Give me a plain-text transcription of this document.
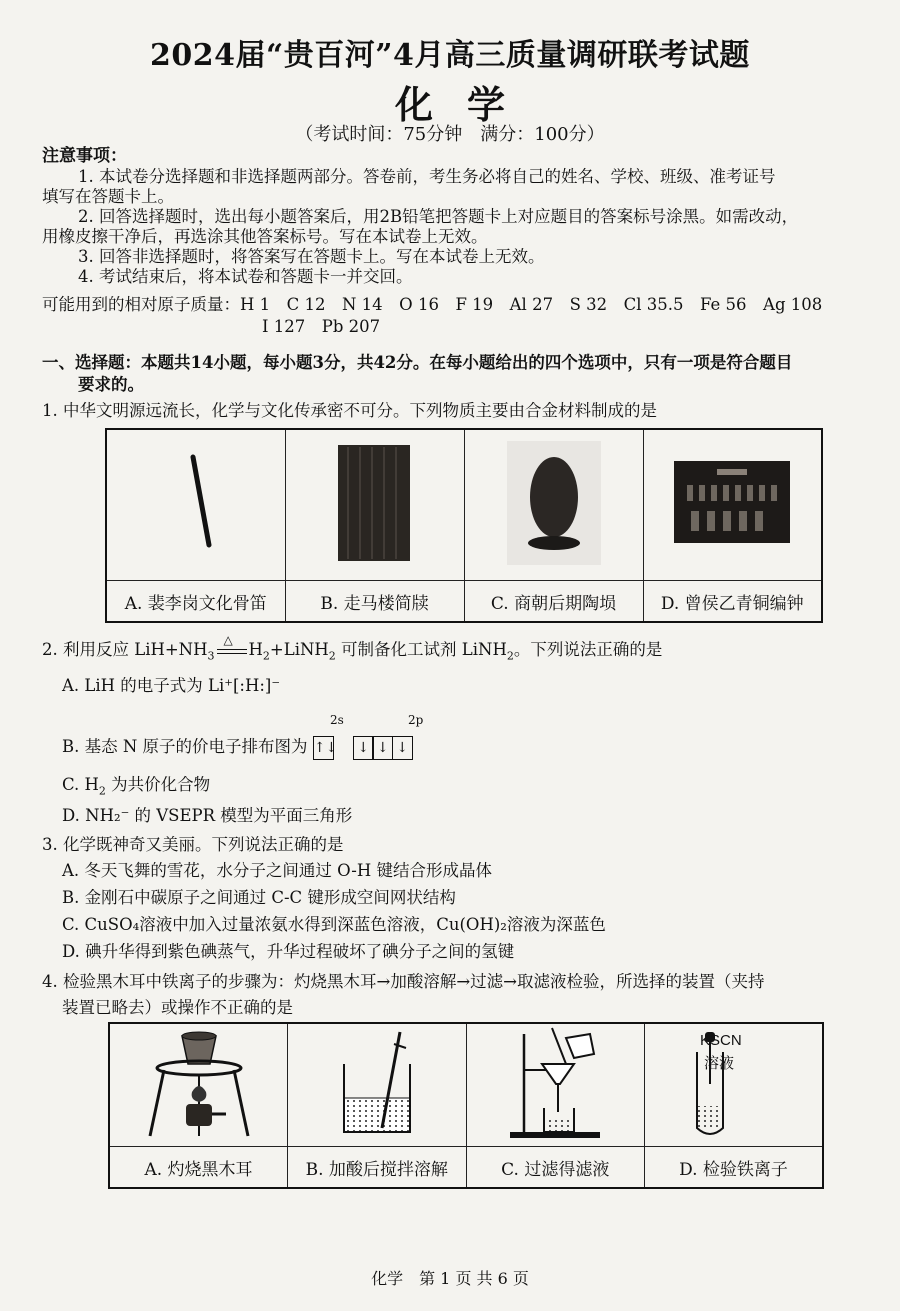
2024届“贵百河”4月高三质量调研联考试题
化学
（考试时间：75分钟　满分：100分）
注意事项：
1. 本试卷分选择题和非选择题两部分。答卷前，考生务必将自己的姓名、学校、班级、准考证号
填写在答题卡上。
2. 回答选择题时，选出每小题答案后，用2B铅笔把答题卡上对应题目的答案标号涂黑。如需改动，
用橡皮擦干净后，再选涂其他答案标号。写在本试卷上无效。
3. 回答非选择题时，将答案写在答题卡上。写在本试卷上无效。
4. 考试结束后，将本试卷和答题卡一并交回。
可能用到的相对原子质量：H 1　C 12　N 14　O 16　F 19　Al 27　S 32　Cl 35.5　Fe 56　Ag 108
I 127　Pb 207
一、选择题：本题共14小题，每小题3分，共42分。在每小题给出的四个选项中，只有一项是符合题目
要求的。
1. 中华文明源远流长，化学与文化传承密不可分。下列物质主要由合金材料制成的是

A. 裴李岗文化骨笛	B. 走马楼简牍	C. 商朝后期陶埙	D. 曾侯乙青铜编钟
2. 利用反应 $LiH+NH_3$
△
$H_2+LiNH_2$ 可制备化工试剂 LiNH$_2$。下列说法正确的是
A. LiH 的电子式为 Li⁺[:H:]⁻
2s	2p
B. 基态 N 原子的价电子排布图为 ↑↓	↓ ↓ ↓
C. $H_2$ 为共价化合物
D. NH₂⁻ 的 VSEPR 模型为平面三角形
3. 化学既神奇又美丽。下列说法正确的是
A. 冬天飞舞的雪花，水分子之间通过 O-H 键结合形成晶体
B. 金刚石中碳原子之间通过 C-C 键形成空间网状结构
C. CuSO₄溶液中加入过量浓氨水得到深蓝色溶液，Cu(OH)₂溶液为深蓝色
D. 碘升华得到紫色碘蒸气，升华过程破坏了碘分子之间的氢键
4. 检验黑木耳中铁离子的步骤为：灼烧黑木耳→加酸溶解→过滤→取滤液检验，所选择的装置（夹持
装置已略去）或操作不正确的是

A. 灼烧黑木耳	B. 加酸后搅拌溶解	C. 过滤得滤液	D. 检验铁离子
KSCN
溶液
化学　第 1 页 共 6 页
